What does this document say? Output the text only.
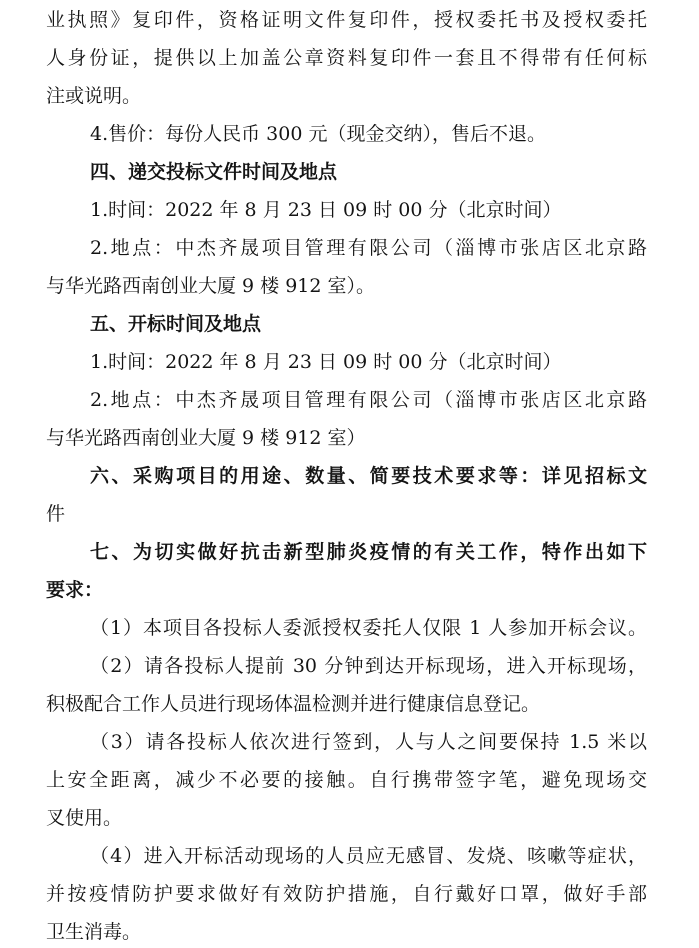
业执照》复印件，资格证明文件复印件，授权委托书及授权委托
人身份证，提供以上加盖公章资料复印件一套且不得带有任何标
注或说明。
4.售价：每份人民币 300 元（现金交纳），售后不退。
四、递交投标文件时间及地点
1.时间：2022 年 8 月 23 日 09 时 00 分（北京时间）
2.地点：中杰齐晟项目管理有限公司（淄博市张店区北京路
与华光路西南创业大厦 9 楼 912 室）。
五、开标时间及地点
1.时间：2022 年 8 月 23 日 09 时 00 分（北京时间）
2.地点：中杰齐晟项目管理有限公司（淄博市张店区北京路
与华光路西南创业大厦 9 楼 912 室）
六、采购项目的用途、数量、简要技术要求等：详见招标文
件
七、为切实做好抗击新型肺炎疫情的有关工作，特作出如下
要求：
（1）本项目各投标人委派授权委托人仅限 1 人参加开标会议。
（2）请各投标人提前 30 分钟到达开标现场，进入开标现场，
积极配合工作人员进行现场体温检测并进行健康信息登记。
（3）请各投标人依次进行签到，人与人之间要保持 1.5 米以
上安全距离，减少不必要的接触。自行携带签字笔，避免现场交
叉使用。
（4）进入开标活动现场的人员应无感冒、发烧、咳嗽等症状，
并按疫情防护要求做好有效防护措施，自行戴好口罩，做好手部
卫生消毒。
